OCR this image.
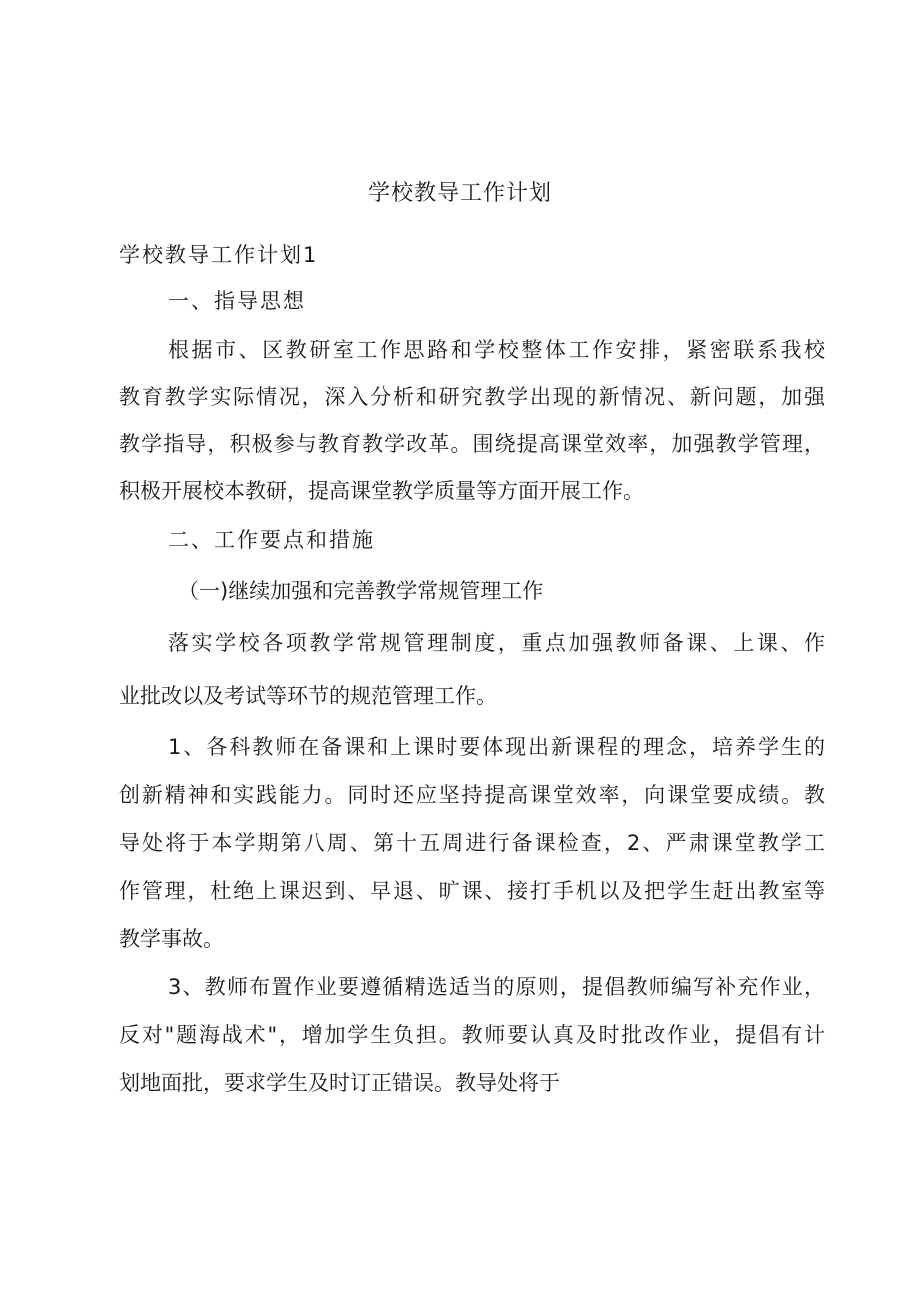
学校教导工作计划
学校教导工作计划1
一、指导思想
根据市、区教研室工作思路和学校整体工作安排，紧密联系我校
教育教学实际情况，深入分析和研究教学出现的新情况、新问题，加强
教学指导，积极参与教育教学改革。围绕提高课堂效率，加强教学管理，
积极开展校本教研，提高课堂教学质量等方面开展工作。
二、工作要点和措施
（一)继续加强和完善教学常规管理工作
落实学校各项教学常规管理制度，重点加强教师备课、上课、作
业批改以及考试等环节的规范管理工作。
1、各科教师在备课和上课时要体现出新课程的理念，培养学生的
创新精神和实践能力。同时还应坚持提高课堂效率，向课堂要成绩。教
导处将于本学期第八周、第十五周进行备课检查，2、严肃课堂教学工
作管理，杜绝上课迟到、早退、旷课、接打手机以及把学生赶出教室等
教学事故。
3、教师布置作业要遵循精选适当的原则，提倡教师编写补充作业，
反对"题海战术"，增加学生负担。教师要认真及时批改作业，提倡有计
划地面批，要求学生及时订正错误。教导处将于
